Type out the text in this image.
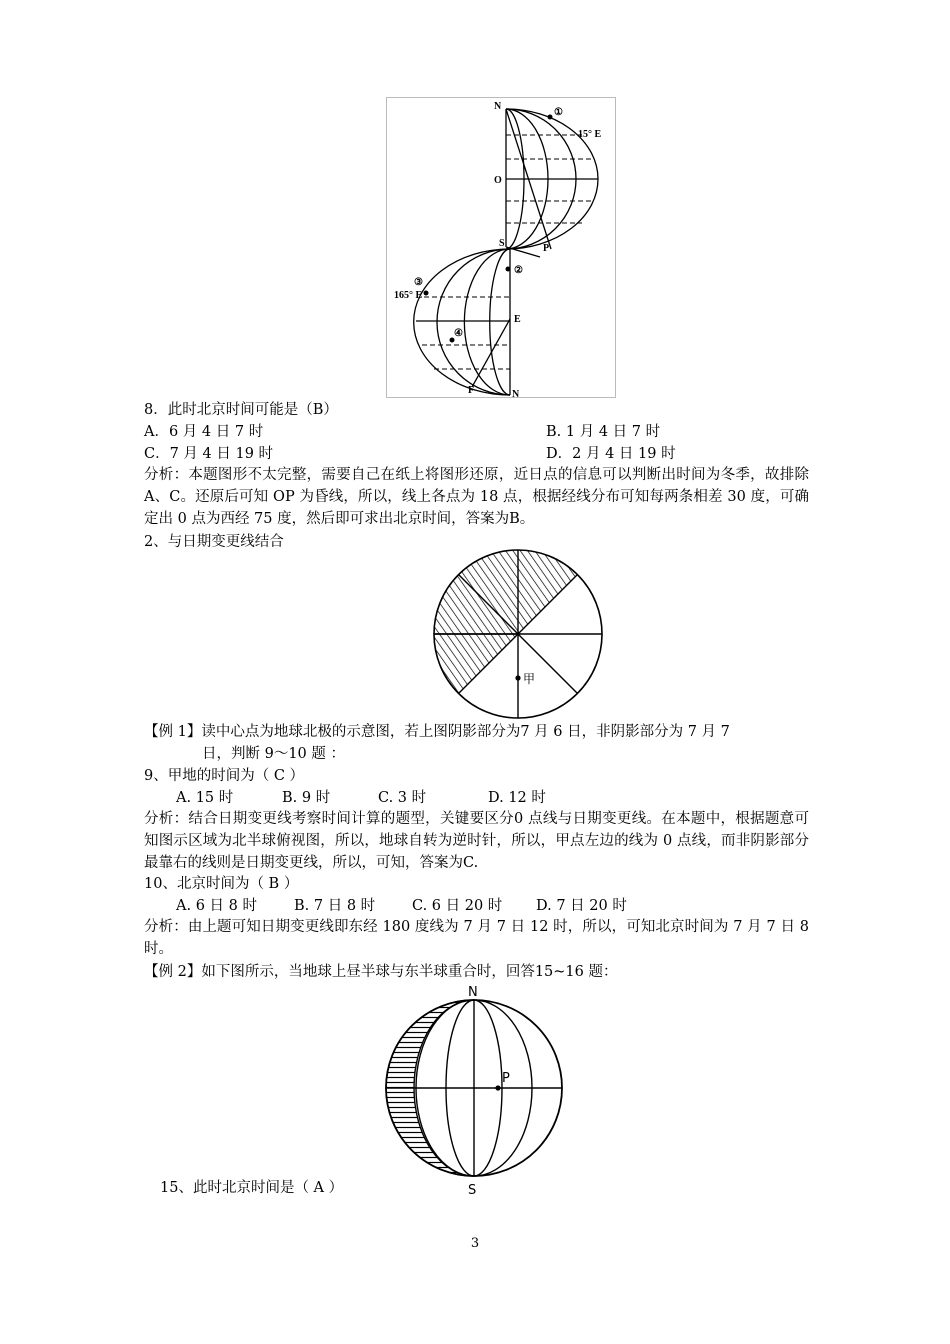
N
①
15° E
O
S	P
②
③
165° E
E
④
F	N
8．此时北京时间可能是（B）
A．6 月 4 日 7 时	B. 1 月 4 日 7 时
C．7 月 4 日 19 时	D．2 月 4 日 19 时
分析：本题图形不太完整，需要自己在纸上将图形还原，近日点的信息可以判断出时间为冬季，故排除 A、C。还原后可知 OP 为昏线，所以，线上各点为 18 点，根据经线分布可知每两条相差 30 度，可确定出 0 点为西经 75 度，然后即可求出北京时间，答案为B。
2、与日期变更线结合
甲
【例 1】读中心点为地球北极的示意图，若上图阴影部分为7 月 6 日，非阴影部分为 7 月 7
日，判断 9～10 题 ：
9、甲地的时间为（ C ）
A. 15 时	B. 9 时	C. 3 时	D. 12 时
分析：结合日期变更线考察时间计算的题型，关键要区分0 点线与日期变更线。在本题中，根据题意可知图示区域为北半球俯视图，所以，地球自转为逆时针，所以，甲点左边的线为 0 点线，而非阴影部分最靠右的线则是日期变更线，所以，可知，答案为C.
10、北京时间为（ B ）
A. 6 日 8 时	B. 7 日 8 时	C. 6 日 20 时 D. 7 日 20 时
分析：由上题可知日期变更线即东经 180 度线为 7 月 7 日 12 时，所以，可知北京时间为 7 月 7 日 8 时。
【例 2】如下图所示，当地球上昼半球与东半球重合时，回答15~16 题：
N
P
S
15、此时北京时间是（ A ）
3
